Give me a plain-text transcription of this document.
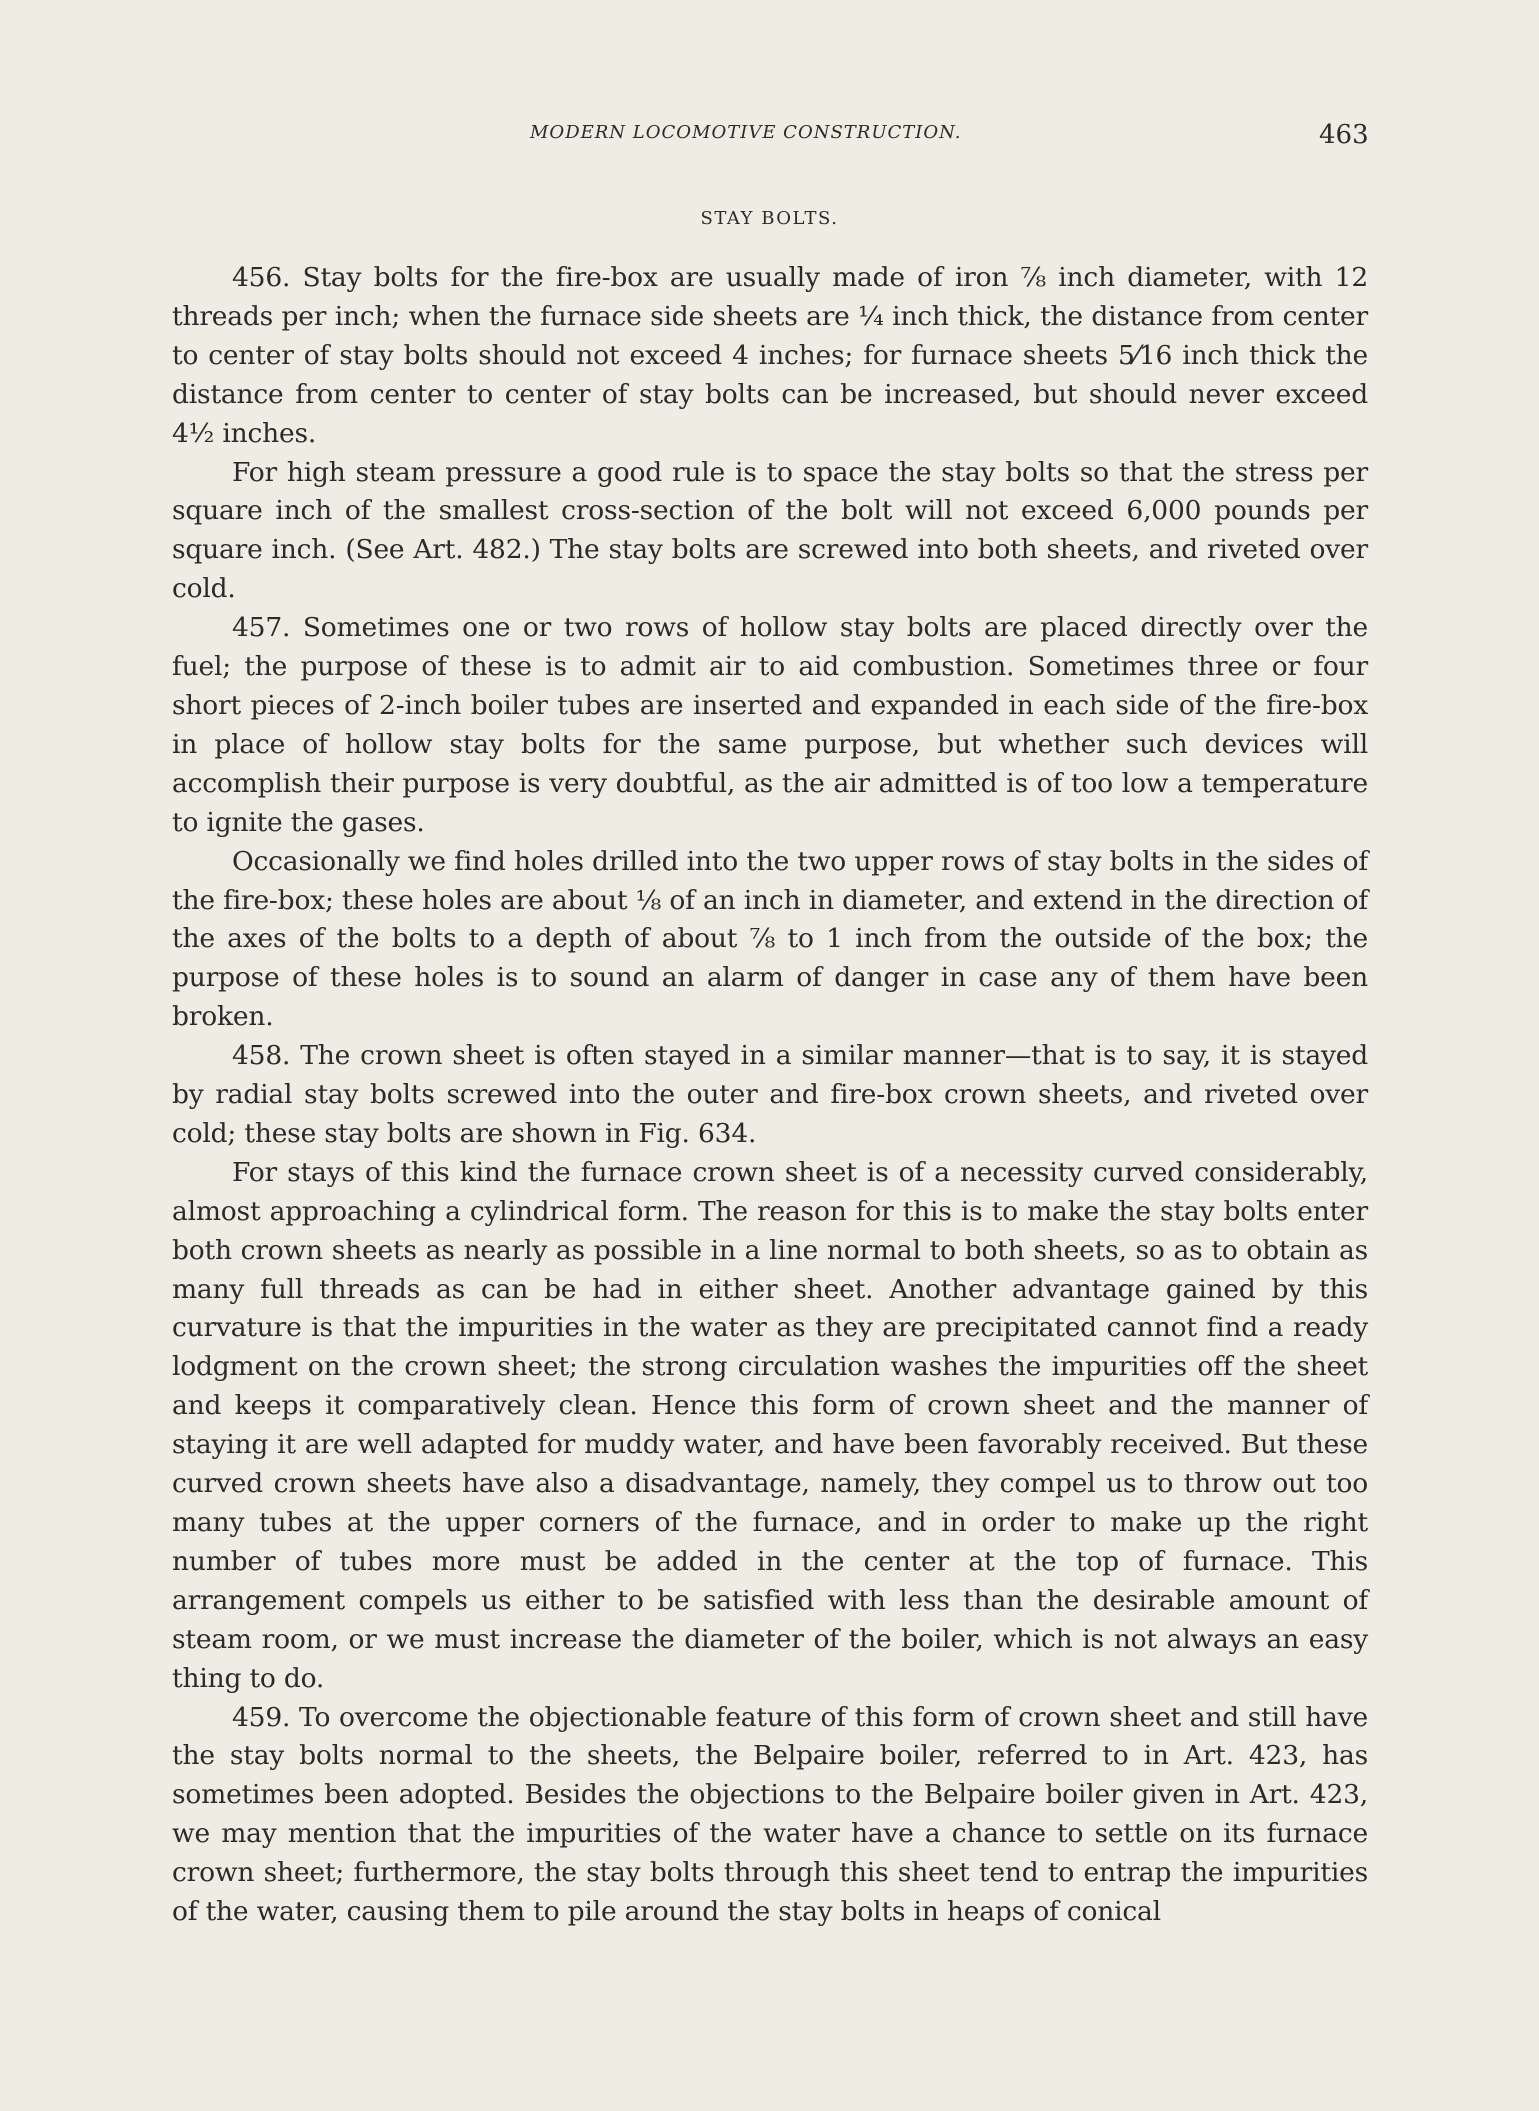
MODERN LOCOMOTIVE CONSTRUCTION.	463
STAY BOLTS.

456. Stay bolts for the fire-box are usually made of iron ⅞ inch diameter, with 12 threads per inch; when the furnace side sheets are ¼ inch thick, the distance from center to center of stay bolts should not exceed 4 inches; for furnace sheets 5⁄16 inch thick the distance from center to center of stay bolts can be increased, but should never exceed 4½ inches.

For high steam pressure a good rule is to space the stay bolts so that the stress per square inch of the smallest cross-section of the bolt will not exceed 6,000 pounds per square inch. (See Art. 482.) The stay bolts are screwed into both sheets, and riveted over cold.

457. Sometimes one or two rows of hollow stay bolts are placed directly over the fuel; the purpose of these is to admit air to aid combustion. Sometimes three or four short pieces of 2-inch boiler tubes are inserted and expanded in each side of the fire-box in place of hollow stay bolts for the same purpose, but whether such devices will accomplish their purpose is very doubtful, as the air admitted is of too low a temperature to ignite the gases.

Occasionally we find holes drilled into the two upper rows of stay bolts in the sides of the fire-box; these holes are about ⅛ of an inch in diameter, and extend in the direction of the axes of the bolts to a depth of about ⅞ to 1 inch from the outside of the box; the purpose of these holes is to sound an alarm of danger in case any of them have been broken.

458. The crown sheet is often stayed in a similar manner—that is to say, it is stayed by radial stay bolts screwed into the outer and fire-box crown sheets, and riveted over cold; these stay bolts are shown in Fig. 634.

For stays of this kind the furnace crown sheet is of a necessity curved considerably, almost approaching a cylindrical form. The reason for this is to make the stay bolts enter both crown sheets as nearly as possible in a line normal to both sheets, so as to obtain as many full threads as can be had in either sheet. Another advantage gained by this curvature is that the impurities in the water as they are precipitated cannot find a ready lodgment on the crown sheet; the strong circulation washes the impurities off the sheet and keeps it comparatively clean. Hence this form of crown sheet and the manner of staying it are well adapted for muddy water, and have been favorably received. But these curved crown sheets have also a disadvantage, namely, they compel us to throw out too many tubes at the upper corners of the furnace, and in order to make up the right number of tubes more must be added in the center at the top of furnace. This arrangement compels us either to be satisfied with less than the desirable amount of steam room, or we must increase the diameter of the boiler, which is not always an easy thing to do.

459. To overcome the objectionable feature of this form of crown sheet and still have the stay bolts normal to the sheets, the Belpaire boiler, referred to in Art. 423, has sometimes been adopted. Besides the objections to the Belpaire boiler given in Art. 423, we may mention that the impurities of the water have a chance to settle on its furnace crown sheet; furthermore, the stay bolts through this sheet tend to entrap the impurities of the water, causing them to pile around the stay bolts in heaps of conical
